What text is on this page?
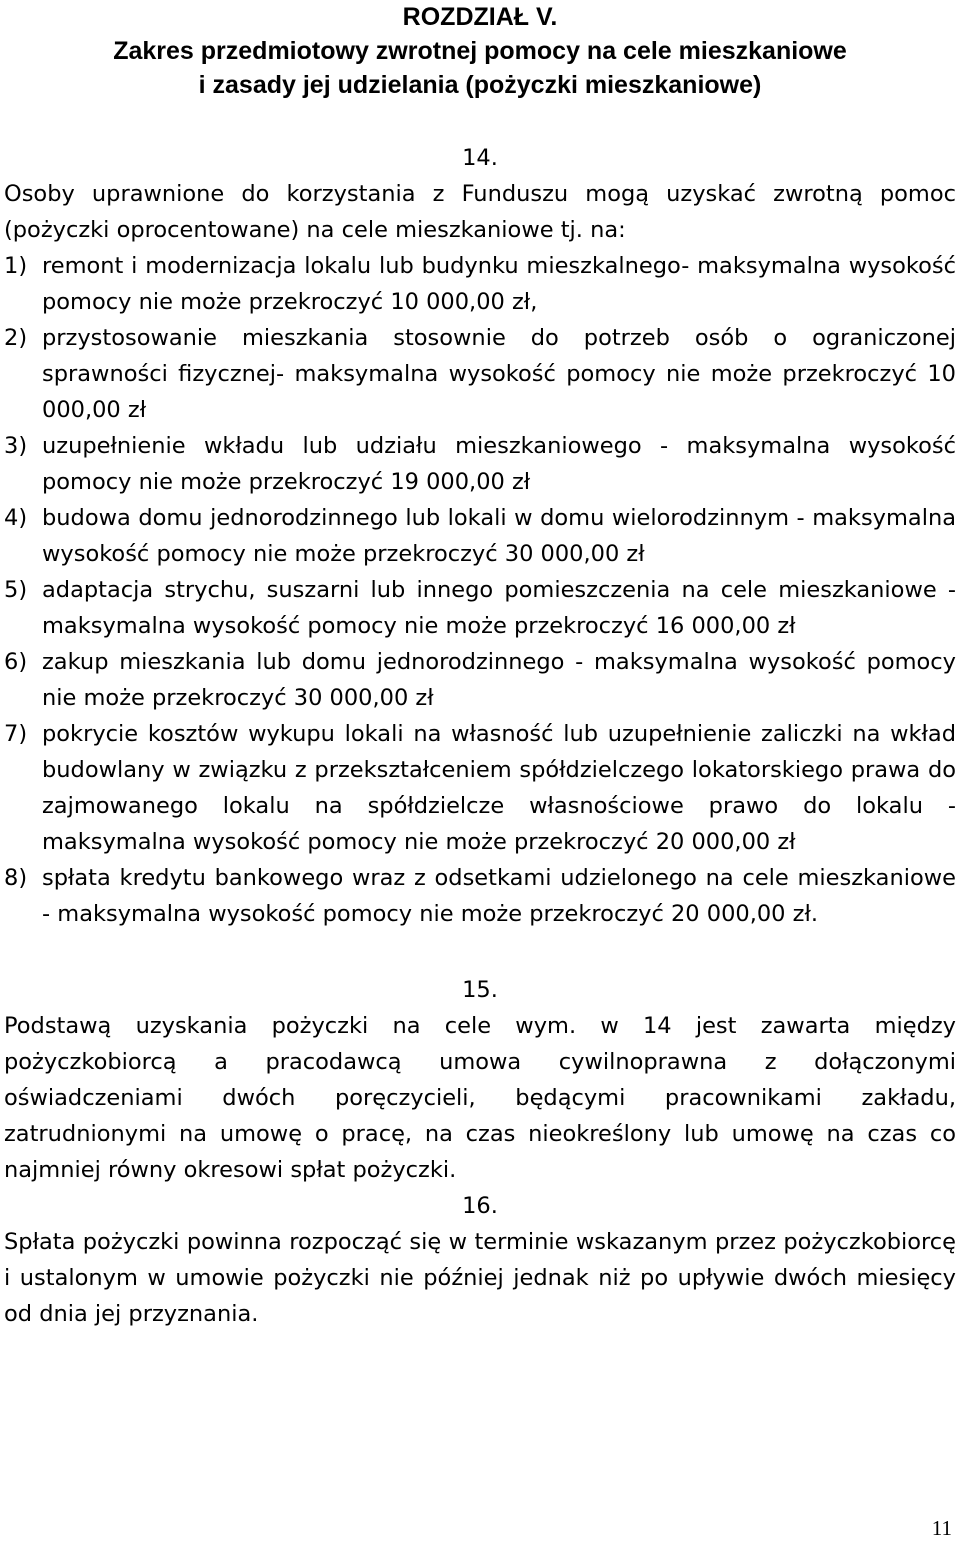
ROZDZIAŁ V.
Zakres przedmiotowy zwrotnej pomocy na cele mieszkaniowe
i zasady jej udzielania (pożyczki mieszkaniowe)
14.
Osoby uprawnione do korzystania z Funduszu mogą uzyskać zwrotną pomoc (pożyczki oprocentowane) na cele mieszkaniowe tj. na:
1) remont i modernizacja lokalu lub budynku mieszkalnego- maksymalna wysokość pomocy nie może przekroczyć 10 000,00 zł,
2) przystosowanie mieszkania stosownie do potrzeb osób o ograniczonej sprawności fizycznej- maksymalna wysokość pomocy nie może przekroczyć 10 000,00 zł
3) uzupełnienie wkładu lub udziału mieszkaniowego - maksymalna wysokość pomocy nie może przekroczyć 19 000,00 zł
4) budowa domu jednorodzinnego lub lokali w domu wielorodzinnym - maksymalna wysokość pomocy nie może przekroczyć 30 000,00 zł
5) adaptacja strychu, suszarni lub innego pomieszczenia na cele mieszkaniowe - maksymalna wysokość pomocy nie może przekroczyć 16 000,00 zł
6) zakup mieszkania lub domu jednorodzinnego - maksymalna wysokość pomocy nie może przekroczyć 30 000,00 zł
7) pokrycie kosztów wykupu lokali na własność lub uzupełnienie zaliczki na wkład budowlany w związku z przekształceniem spółdzielczego lokatorskiego prawa do zajmowanego lokalu na spółdzielcze własnościowe prawo do lokalu - maksymalna wysokość pomocy nie może przekroczyć 20 000,00 zł
8) spłata kredytu bankowego wraz z odsetkami udzielonego na cele mieszkaniowe - maksymalna wysokość pomocy nie może przekroczyć 20 000,00 zł.
15.
Podstawą uzyskania pożyczki na cele wym. w 14 jest zawarta między pożyczkobiorcą a pracodawcą umowa cywilnoprawna z dołączonymi oświadczeniami dwóch poręczycieli, będącymi pracownikami zakładu, zatrudnionymi na umowę o pracę, na czas nieokreślony lub umowę na czas co najmniej równy okresowi spłat pożyczki.
16.
Spłata pożyczki powinna rozpocząć się w terminie wskazanym przez pożyczkobiorcę i ustalonym w umowie pożyczki nie później jednak niż po upływie dwóch miesięcy od dnia jej przyznania.
11
